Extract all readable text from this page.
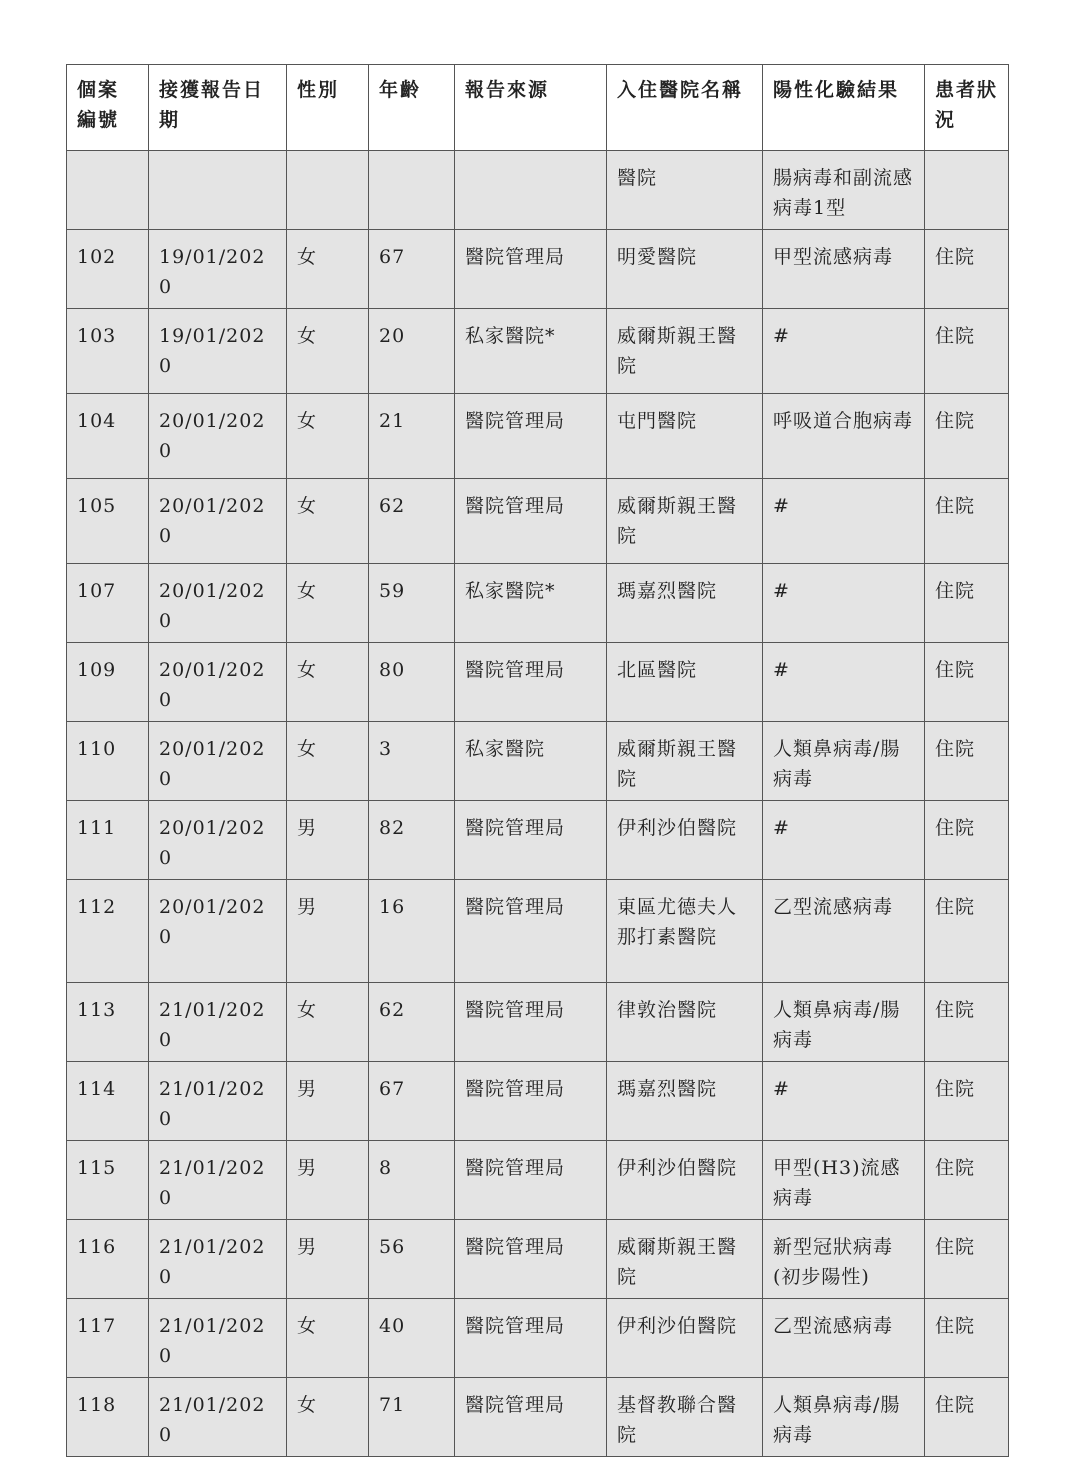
個案編號	接獲報告日期	性別	年齡	報告來源	入住醫院名稱	陽性化驗結果	患者狀況
					醫院	腸病毒和副流感病毒1型	
102	19/01/2020	女	67	醫院管理局	明愛醫院	甲型流感病毒	住院
103	19/01/2020	女	20	私家醫院*	威爾斯親王醫院	#	住院
104	20/01/2020	女	21	醫院管理局	屯門醫院	呼吸道合胞病毒	住院
105	20/01/2020	女	62	醫院管理局	威爾斯親王醫院	#	住院
107	20/01/2020	女	59	私家醫院*	瑪嘉烈醫院	#	住院
109	20/01/2020	女	80	醫院管理局	北區醫院	#	住院
110	20/01/2020	女	3	私家醫院	威爾斯親王醫院	人類鼻病毒/腸病毒	住院
111	20/01/2020	男	82	醫院管理局	伊利沙伯醫院	#	住院
112	20/01/2020	男	16	醫院管理局	東區尤德夫人那打素醫院	乙型流感病毒	住院
113	21/01/2020	女	62	醫院管理局	律敦治醫院	人類鼻病毒/腸病毒	住院
114	21/01/2020	男	67	醫院管理局	瑪嘉烈醫院	#	住院
115	21/01/2020	男	8	醫院管理局	伊利沙伯醫院	甲型(H3)流感病毒	住院
116	21/01/2020	男	56	醫院管理局	威爾斯親王醫院	新型冠狀病毒(初步陽性)	住院
117	21/01/2020	女	40	醫院管理局	伊利沙伯醫院	乙型流感病毒	住院
118	21/01/2020	女	71	醫院管理局	基督教聯合醫院	人類鼻病毒/腸病毒	住院
